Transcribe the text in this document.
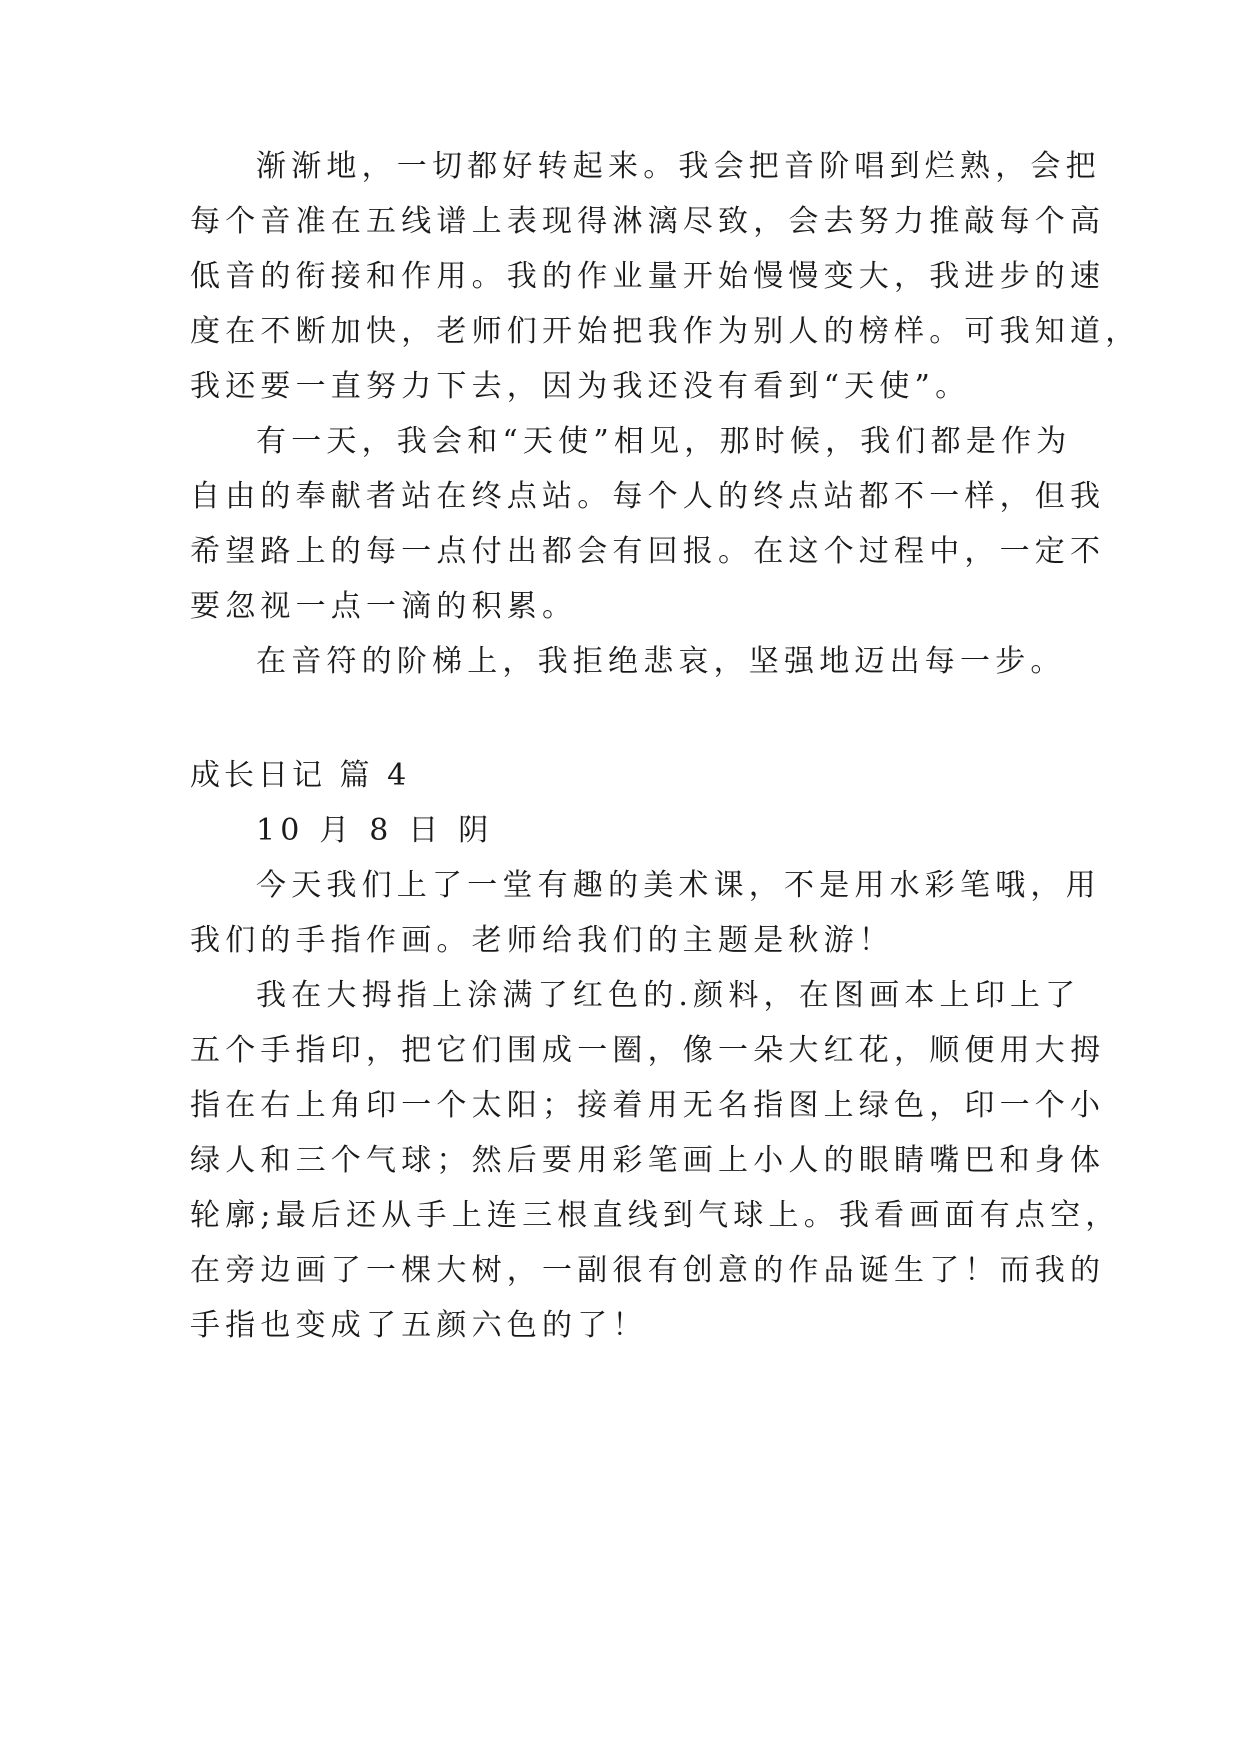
渐渐地，一切都好转起来。我会把音阶唱到烂熟，会把
每个音准在五线谱上表现得淋漓尽致，会去努力推敲每个高
低音的衔接和作用。我的作业量开始慢慢变大，我进步的速
度在不断加快，老师们开始把我作为别人的榜样。可我知道，
我还要一直努力下去，因为我还没有看到“天使”。
有一天，我会和“天使”相见，那时候，我们都是作为
自由的奉献者站在终点站。每个人的终点站都不一样，但我
希望路上的每一点付出都会有回报。在这个过程中，一定不
要忽视一点一滴的积累。
在音符的阶梯上，我拒绝悲哀，坚强地迈出每一步。
成长日记 篇 4
10 月 8 日 阴
今天我们上了一堂有趣的美术课，不是用水彩笔哦，用
我们的手指作画。老师给我们的主题是秋游！
我在大拇指上涂满了红色的.颜料，在图画本上印上了
五个手指印，把它们围成一圈，像一朵大红花，顺便用大拇
指在右上角印一个太阳；接着用无名指图上绿色，印一个小
绿人和三个气球；然后要用彩笔画上小人的眼睛嘴巴和身体
轮廓;最后还从手上连三根直线到气球上。我看画面有点空，
在旁边画了一棵大树，一副很有创意的作品诞生了！而我的
手指也变成了五颜六色的了！
